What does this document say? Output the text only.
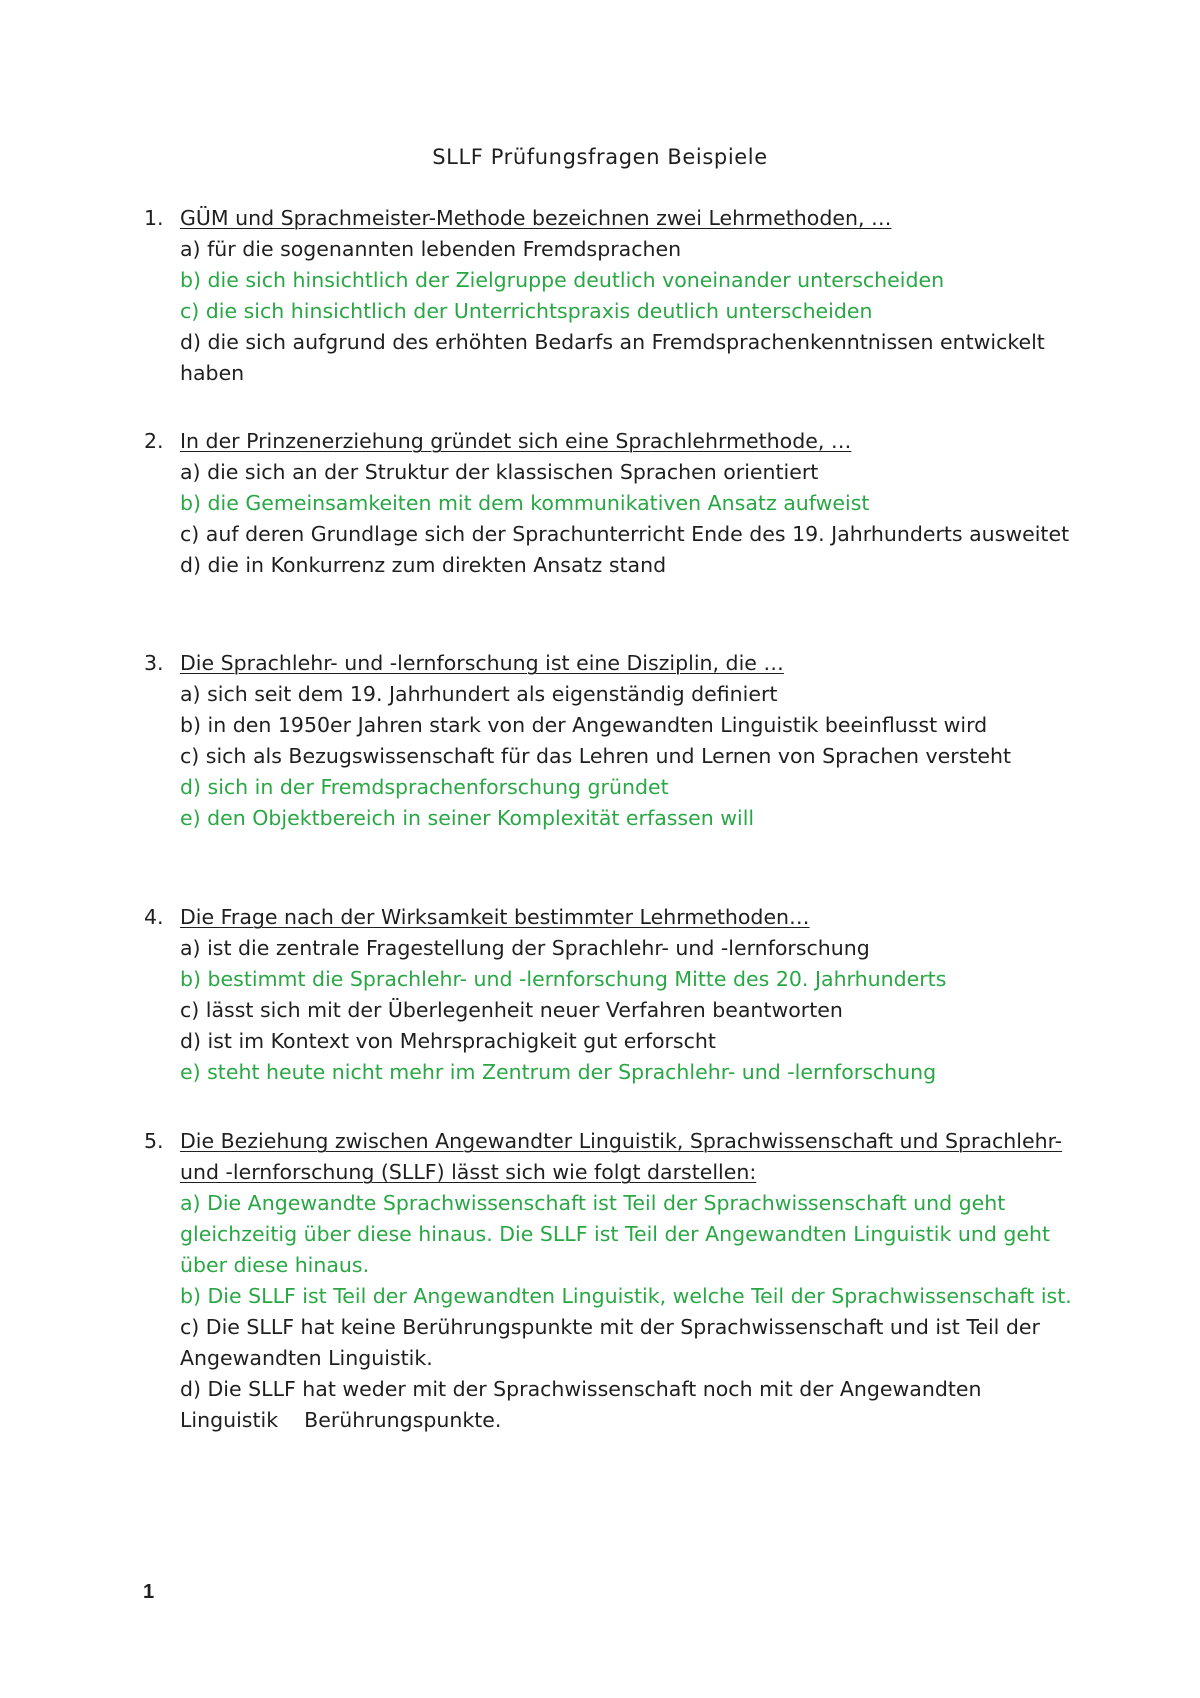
SLLF Prüfungsfragen Beispiele
1. GÜM und Sprachmeister-Methode bezeichnen zwei Lehrmethoden, …
a) für die sogenannten lebenden Fremdsprachen
b) die sich hinsichtlich der Zielgruppe deutlich voneinander unterscheiden
c) die sich hinsichtlich der Unterrichtspraxis deutlich unterscheiden
d) die sich aufgrund des erhöhten Bedarfs an Fremdsprachenkenntnissen entwickelt haben
2. In der Prinzenerziehung gründet sich eine Sprachlehrmethode, …
a) die sich an der Struktur der klassischen Sprachen orientiert
b) die Gemeinsamkeiten mit dem kommunikativen Ansatz aufweist
c) auf deren Grundlage sich der Sprachunterricht Ende des 19. Jahrhunderts ausweitet
d) die in Konkurrenz zum direkten Ansatz stand
3. Die Sprachlehr- und -lernforschung ist eine Disziplin, die …
a) sich seit dem 19. Jahrhundert als eigenständig definiert
b) in den 1950er Jahren stark von der Angewandten Linguistik beeinflusst wird
c) sich als Bezugswissenschaft für das Lehren und Lernen von Sprachen versteht
d) sich in der Fremdsprachenforschung gründet
e) den Objektbereich in seiner Komplexität erfassen will
4. Die Frage nach der Wirksamkeit bestimmter Lehrmethoden…
a) ist die zentrale Fragestellung der Sprachlehr- und -lernforschung
b) bestimmt die Sprachlehr- und -lernforschung Mitte des 20. Jahrhunderts
c) lässt sich mit der Überlegenheit neuer Verfahren beantworten
d) ist im Kontext von Mehrsprachigkeit gut erforscht
e) steht heute nicht mehr im Zentrum der Sprachlehr- und -lernforschung
5. Die Beziehung zwischen Angewandter Linguistik, Sprachwissenschaft und Sprachlehr- und -lernforschung (SLLF) lässt sich wie folgt darstellen:
a) Die Angewandte Sprachwissenschaft ist Teil der Sprachwissenschaft und geht gleichzeitig über diese hinaus. Die SLLF ist Teil der Angewandten Linguistik und geht über diese hinaus.
b) Die SLLF ist Teil der Angewandten Linguistik, welche Teil der Sprachwissenschaft ist.
c) Die SLLF hat keine Berührungspunkte mit der Sprachwissenschaft und ist Teil der    Angewandten Linguistik.
d) Die SLLF hat weder mit der Sprachwissenschaft noch mit der Angewandten Linguistik    Berührungspunkte.
1
